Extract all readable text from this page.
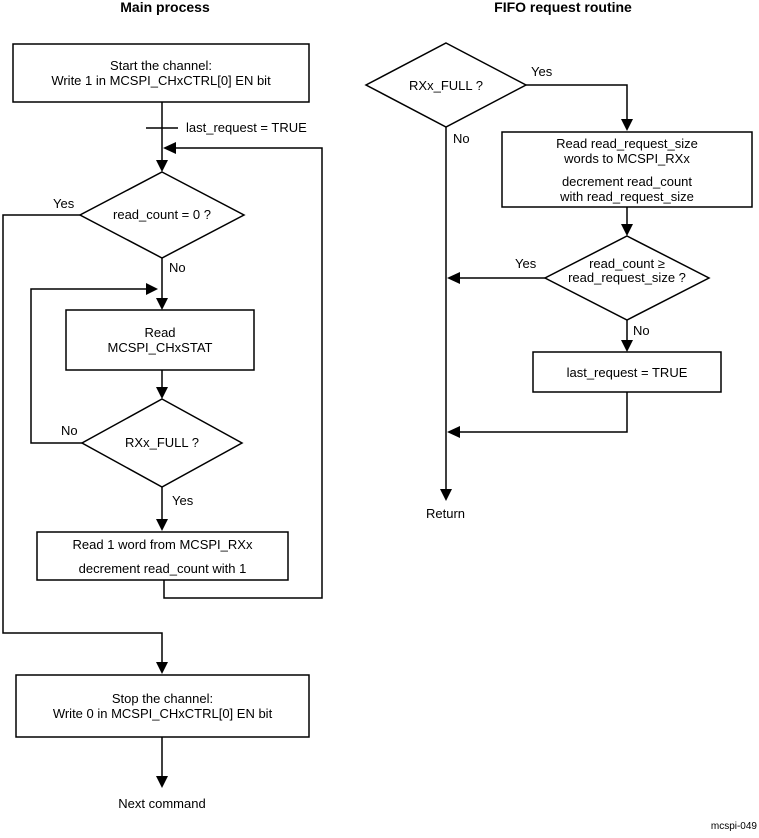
Main process
Start the channel:
Write 1 in MCSPI_CHxCTRL[0] EN bit
last_request = TRUE
Yes
read_count = 0 ?
No
Read
MCSPI_CHxSTAT
No
RXx_FULL ?
Yes
Read 1 word from MCSPI_RXx
decrement read_count with 1
Stop the channel:
Write 0 in MCSPI_CHxCTRL[0] EN bit
Next command
FIFO request routine
RXx_FULL ?
Yes
No	Read read_request_size
words to MCSPI_RXx
decrement read_count
with read_request_size
Yes	read_count ≥
read_request_size ?
No
last_request = TRUE
Return
mcspi-049
